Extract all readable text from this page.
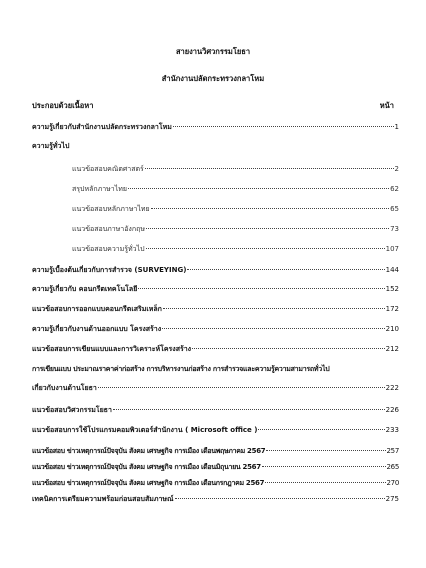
สายงานวิศวกรรมโยธา
สำนักงานปลัดกระทรวงกลาโหม
ประกอบด้วยเนื้อหา	หน้า
ความรู้เกี่ยวกับสำนักงานปลัดกระทรวงกลาโหม	1
ความรู้ทั่วไป
แนวข้อสอบคณิตศาสตร์	2
สรุปหลักภาษาไทย	62
แนวข้อสอบหลักภาษาไทย	65
แนวข้อสอบภาษาอังกฤษ	73
แนวข้อสอบความรู้ทั่วไป	107
ความรู้เบื้องต้นเกี่ยวกับการสำรวจ (SURVEYING)	144
ความรู้เกี่ยวกับ คอนกรีตเทคโนโลยี	152
แนวข้อสอบการออกแบบคอนกรีตเสริมเหล็ก	172
ความรู้เกี่ยวกับงานด้านออกแบบ โครงสร้าง	210
แนวข้อสอบการเขียนแบบและการวิเคราะห์โครงสร้าง	212
การเขียนแบบ ประมาณราคาค่าก่อสร้าง การบริหารงานก่อสร้าง การสำรวจและความรู้ความสามารถทั่วไป
เกี่ยวกับงานด้านโยธา	222
แนวข้อสอบวิศวกรรมโยธา	226
แนวข้อสอบการใช้โปรแกรมคอมพิวเตอร์สำนักงาน ( Microsoft office )	233
แนวข้อสอบ ข่าวเหตุการณ์ปัจจุบัน สังคม เศรษฐกิจ การเมือง เดือนพฤษภาคม 2567	257
แนวข้อสอบ ข่าวเหตุการณ์ปัจจุบัน สังคม เศรษฐกิจ การเมือง เดือนมิถุนายน 2567	265
แนวข้อสอบ ข่าวเหตุการณ์ปัจจุบัน สังคม เศรษฐกิจ การเมือง เดือนกรกฎาคม 2567	270
เทคนิคการเตรียมความพร้อมก่อนสอบสัมภาษณ์	275
